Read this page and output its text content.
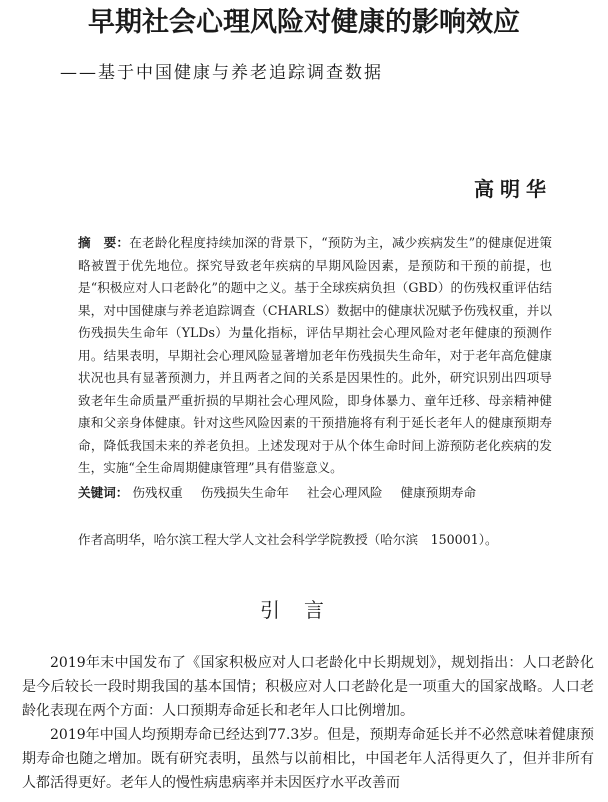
早期社会心理风险对健康的影响效应
——基于中国健康与养老追踪调查数据
高明华
摘　要：在老龄化程度持续加深的背景下，“预防为主，减少疾病发生”的健康促进策略被置于优先地位。探究导致老年疾病的早期风险因素，是预防和干预的前提，也是“积极应对人口老龄化”的题中之义。基于全球疾病负担（GBD）的伤残权重评估结果，对中国健康与养老追踪调查（CHARLS）数据中的健康状况赋予伤残权重，并以伤残损失生命年（YLDs）为量化指标，评估早期社会心理风险对老年健康的预测作用。结果表明，早期社会心理风险显著增加老年伤残损失生命年，对于老年高危健康状况也具有显著预测力，并且两者之间的关系是因果性的。此外，研究识别出四项导致老年生命质量严重折损的早期社会心理风险，即身体暴力、童年迁移、母亲精神健康和父亲身体健康。针对这些风险因素的干预措施将有利于延长老年人的健康预期寿命，降低我国未来的养老负担。上述发现对于从个体生命时间上游预防老化疾病的发生，实施“全生命周期健康管理”具有借鉴意义。
关键词： 伤残权重 伤残损失生命年 社会心理风险 健康预期寿命
作者高明华，哈尔滨工程大学人文社会科学学院教授（哈尔滨　150001）。
引言

2019年末中国发布了《国家积极应对人口老龄化中长期规划》，规划指出：人口老龄化是今后较长一段时期我国的基本国情；积极应对人口老龄化是一项重大的国家战略。人口老龄化表现在两个方面：人口预期寿命延长和老年人口比例增加。

2019年中国人均预期寿命已经达到77.3岁。但是，预期寿命延长并不必然意味着健康预期寿命也随之增加。既有研究表明，虽然与以前相比，中国老年人活得更久了，但并非所有人都活得更好。老年人的慢性病患病率并未因医疗水平改善而
